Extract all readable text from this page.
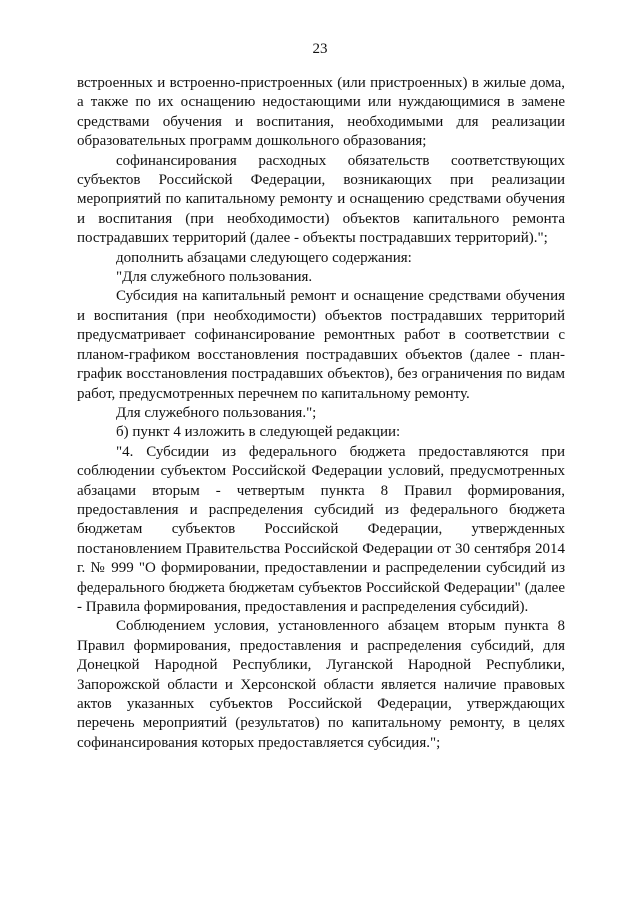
23

встроенных и встроенно-пристроенных (или пристроенных) в жилые дома, а также по их оснащению недостающими или нуждающимися в замене средствами обучения и воспитания, необходимыми для реализации образовательных программ дошкольного образования;

софинансирования расходных обязательств соответствующих субъектов Российской Федерации, возникающих при реализации мероприятий по капитальному ремонту и оснащению средствами обучения и воспитания (при необходимости) объектов капитального ремонта пострадавших территорий (далее - объекты пострадавших территорий).";

дополнить абзацами следующего содержания:

"Для служебного пользования.

Субсидия на капитальный ремонт и оснащение средствами обучения и воспитания (при необходимости) объектов пострадавших территорий предусматривает софинансирование ремонтных работ в соответствии с планом-графиком восстановления пострадавших объектов (далее - план-график восстановления пострадавших объектов), без ограничения по видам работ, предусмотренных перечнем по капитальному ремонту.

Для служебного пользования.";

б) пункт 4 изложить в следующей редакции:

"4. Субсидии из федерального бюджета предоставляются при соблюдении субъектом Российской Федерации условий, предусмотренных абзацами вторым - четвертым пункта 8 Правил формирования, предоставления и распределения субсидий из федерального бюджета бюджетам субъектов Российской Федерации, утвержденных постановлением Правительства Российской Федерации от 30 сентября 2014 г. № 999 "О формировании, предоставлении и распределении субсидий из федерального бюджета бюджетам субъектов Российской Федерации" (далее - Правила формирования, предоставления и распределения субсидий).

Соблюдением условия, установленного абзацем вторым пункта 8 Правил формирования, предоставления и распределения субсидий, для Донецкой Народной Республики, Луганской Народной Республики, Запорожской области и Херсонской области является наличие правовых актов указанных субъектов Российской Федерации, утверждающих перечень мероприятий (результатов) по капитальному ремонту, в целях софинансирования которых предоставляется субсидия.";
